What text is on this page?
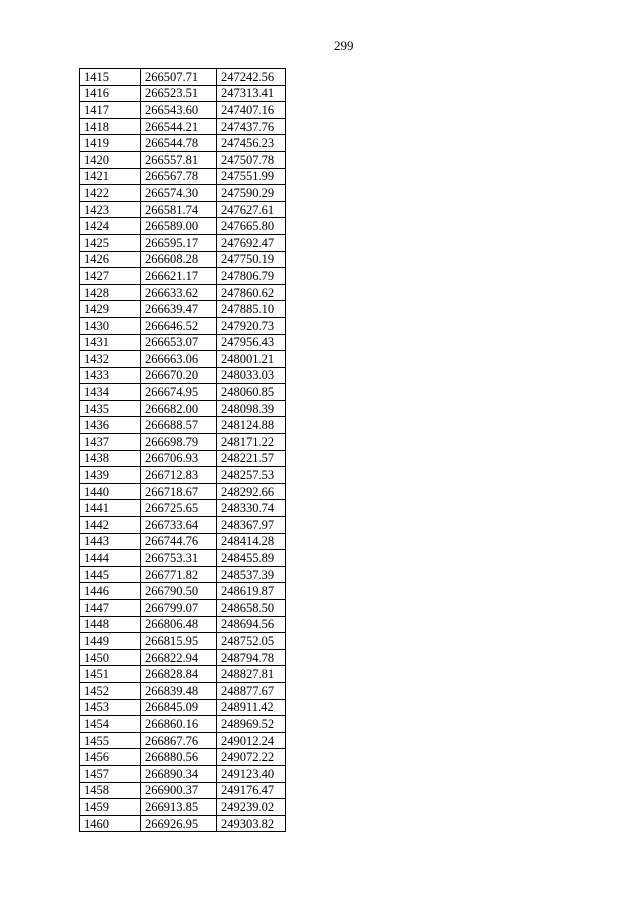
299
1415	266507.71	247242.56
1416	266523.51	247313.41
1417	266543.60	247407.16
1418	266544.21	247437.76
1419	266544.78	247456.23
1420	266557.81	247507.78
1421	266567.78	247551.99
1422	266574.30	247590.29
1423	266581.74	247627.61
1424	266589.00	247665.80
1425	266595.17	247692.47
1426	266608.28	247750.19
1427	266621.17	247806.79
1428	266633.62	247860.62
1429	266639.47	247885.10
1430	266646.52	247920.73
1431	266653.07	247956.43
1432	266663.06	248001.21
1433	266670.20	248033.03
1434	266674.95	248060.85
1435	266682.00	248098.39
1436	266688.57	248124.88
1437	266698.79	248171.22
1438	266706.93	248221.57
1439	266712.83	248257.53
1440	266718.67	248292.66
1441	266725.65	248330.74
1442	266733.64	248367.97
1443	266744.76	248414.28
1444	266753.31	248455.89
1445	266771.82	248537.39
1446	266790.50	248619.87
1447	266799.07	248658.50
1448	266806.48	248694.56
1449	266815.95	248752.05
1450	266822.94	248794.78
1451	266828.84	248827.81
1452	266839.48	248877.67
1453	266845.09	248911.42
1454	266860.16	248969.52
1455	266867.76	249012.24
1456	266880.56	249072.22
1457	266890.34	249123.40
1458	266900.37	249176.47
1459	266913.85	249239.02
1460	266926.95	249303.82
